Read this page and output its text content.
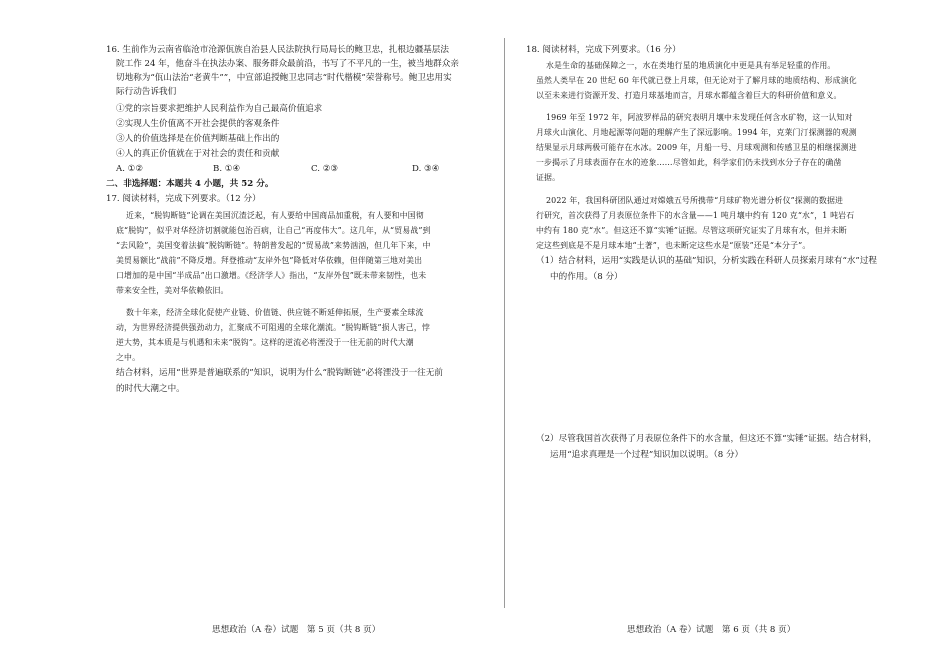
16. 生前作为云南省临沧市沧源佤族自治县人民法院执行局局长的鲍卫忠，扎根边疆基层法
院工作 24 年，他奋斗在执法办案、服务群众最前沿，书写了不平凡的一生，被当地群众亲
切地称为“佤山法治“老黄牛””，中宣部追授鲍卫忠同志“时代楷模”荣誉称号。鲍卫忠用实
际行动告诉我们
①党的宗旨要求把维护人民利益作为自己最高价值追求
②实现人生价值离不开社会提供的客观条件
③人的价值选择是在价值判断基础上作出的
④人的真正价值就在于对社会的责任和贡献
A. ①②	B. ①④	C. ②③	D. ③④
二、非选择题：本题共 4 小题，共 52 分。
17. 阅读材料，完成下列要求。（12 分）
近来，“脱钩断链”论调在美国沉渣泛起，有人要给中国商品加重税，有人要和中国彻
底“脱钩”，似乎对华经济切割就能包治百病，让自己“再度伟大”。这几年，从“贸易战”到
“去风险”，美国变着法搞“脱钩断链”。特朗普发起的“贸易战”来势汹汹，但几年下来，中
美贸易额比“战前”不降反增。拜登推动“友岸外包”降低对华依赖，但伴随第三地对美出
口增加的是中国“半成品”出口激增。《经济学人》指出，“友岸外包”既未带来韧性，也未
带来安全性，美对华依赖依旧。
数十年来，经济全球化促使产业链、价值链、供应链不断延伸拓展，生产要素全球流
动，为世界经济提供强劲动力，汇聚成不可阻遏的全球化潮流。“脱钩断链”损人害己，悖
逆大势，其本质是与机遇和未来“脱钩”。这样的逆流必将湮没于一往无前的时代大潮
之中。
结合材料，运用“世界是普遍联系的”知识，说明为什么“脱钩断链”必将湮没于一往无前
的时代大潮之中。
18. 阅读材料，完成下列要求。（16 分）
水是生命的基础保障之一，水在类地行星的地质演化中更是具有举足轻重的作用。
虽然人类早在 20 世纪 60 年代就已登上月球，但无论对于了解月球的地质结构、形成演化
以至未来进行资源开发、打造月球基地而言，月球水都蕴含着巨大的科研价值和意义。
1969 年至 1972 年，阿波罗样品的研究表明月壤中未发现任何含水矿物，这一认知对
月球火山演化、月地起源等问题的理解产生了深远影响。1994 年，克莱门汀探测器的观测
结果显示月球两极可能存在水冰。2009 年，月船一号、月球观测和传感卫星的相继探测进
一步揭示了月球表面存在水的迹象……尽管如此，科学家们仍未找到水分子存在的确凿
证据。
2022 年，我国科研团队通过对嫦娥五号所携带“月球矿物光谱分析仪”探测的数据进
行研究，首次获得了月表原位条件下的水含量——1 吨月壤中约有 120 克“水”，1 吨岩石
中约有 180 克“水”。但这还不算“实锤”证据。尽管这项研究证实了月球有水，但并未断
定这些到底是不是月球本地“土著”，也未断定这些水是“原装”还是“本分子”。
（1）结合材料，运用“实践是认识的基础”知识，分析实践在科研人员探索月球有“水”过程
中的作用。（8 分）
（2）尽管我国首次获得了月表原位条件下的水含量，但这还不算“实锤”证据。结合材料，
运用“追求真理是一个过程”知识加以说明。（8 分）
思想政治（A 卷）试题　第 5 页（共 8 页）	思想政治（A 卷）试题　第 6 页（共 8 页）
